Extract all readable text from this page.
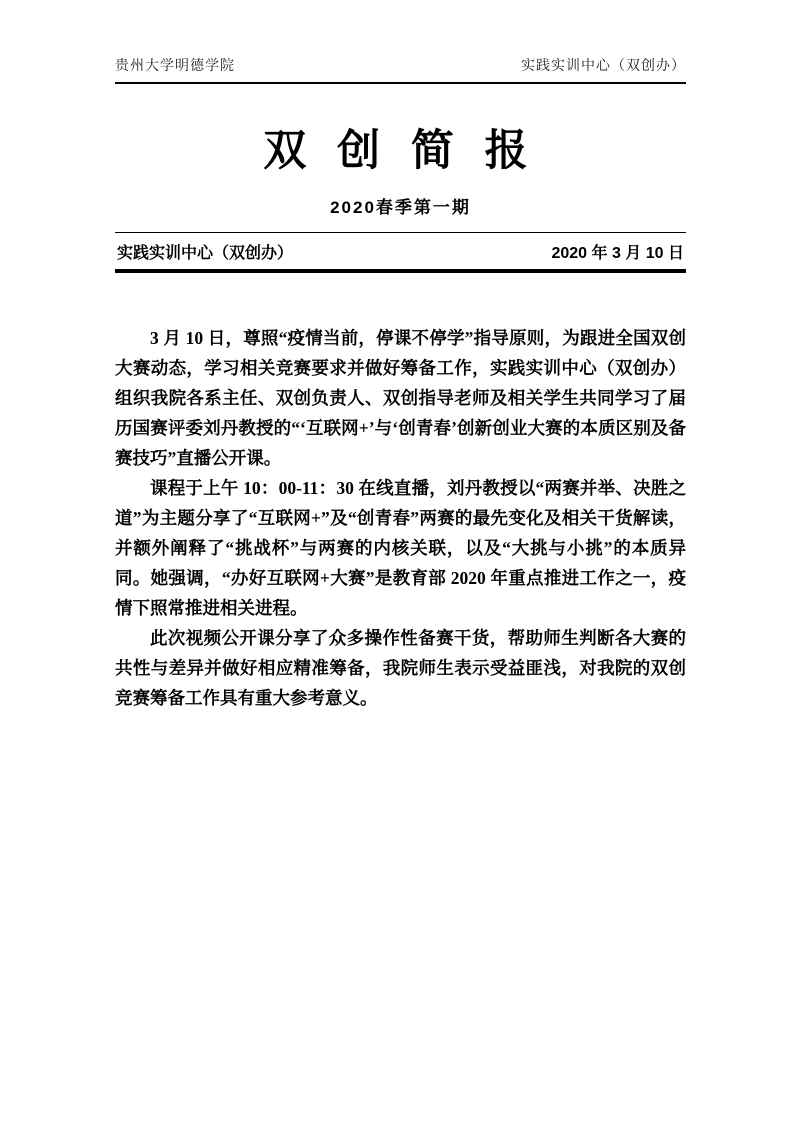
贵州大学明德学院	实践实训中心（双创办）
双 创 简 报
2020春季第一期
实践实训中心（双创办）	2020 年 3 月 10 日

3 月 10 日，尊照“疫情当前，停课不停学”指导原则，为跟进全国双创大赛动态，学习相关竞赛要求并做好筹备工作，实践实训中心（双创办）组织我院各系主任、双创负责人、双创指导老师及相关学生共同学习了届历国赛评委刘丹教授的“‘互联网+’与‘创青春’创新创业大赛的本质区别及备赛技巧”直播公开课。

课程于上午 10：00-11：30 在线直播，刘丹教授以“两赛并举、决胜之道”为主题分享了“互联网+”及“创青春”两赛的最先变化及相关干货解读，并额外阐释了“挑战杯”与两赛的内核关联，以及“大挑与小挑”的本质异同。她强调，“办好互联网+大赛”是教育部 2020 年重点推进工作之一，疫情下照常推进相关进程。

此次视频公开课分享了众多操作性备赛干货，帮助师生判断各大赛的共性与差异并做好相应精准筹备，我院师生表示受益匪浅，对我院的双创竞赛筹备工作具有重大参考意义。
